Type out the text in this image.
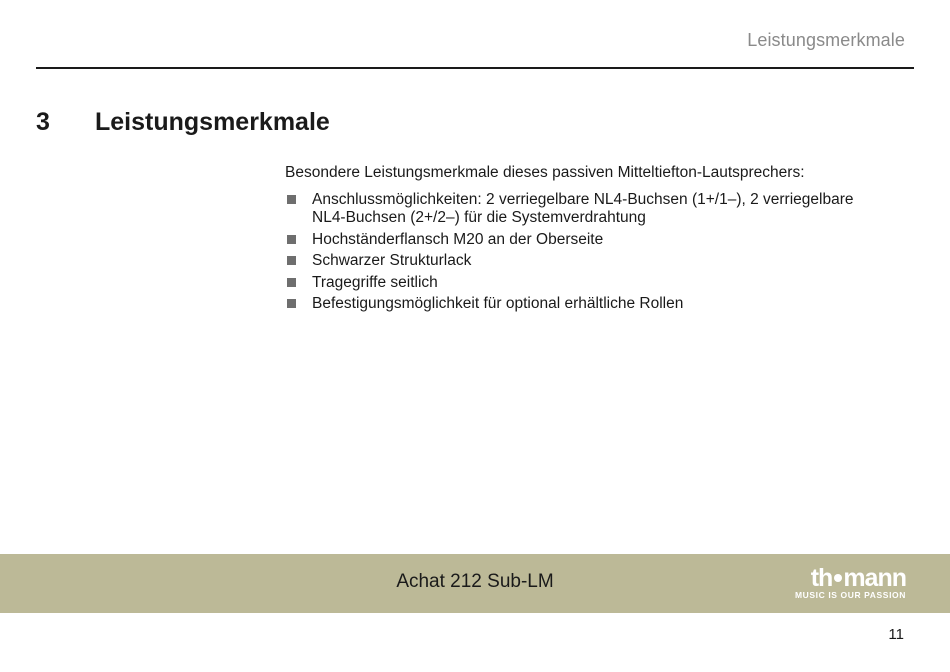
Leistungsmerkmale
3	Leistungsmerkmale

Besondere Leistungsmerkmale dieses passiven Mitteltiefton-Lautsprechers:

Anschlussmöglichkeiten: 2 verriegelbare NL4-Buchsen (1+/1–), 2 verriegelbare NL4-Buchsen (2+/2–) für die Systemverdrahtung
Hochständerflansch M20 an der Oberseite
Schwarzer Strukturlack
Tragegriffe seitlich
Befestigungsmöglichkeit für optional erhältliche Rollen
Achat 212 Sub-LM	th mann
MUSIC IS OUR PASSION
11
